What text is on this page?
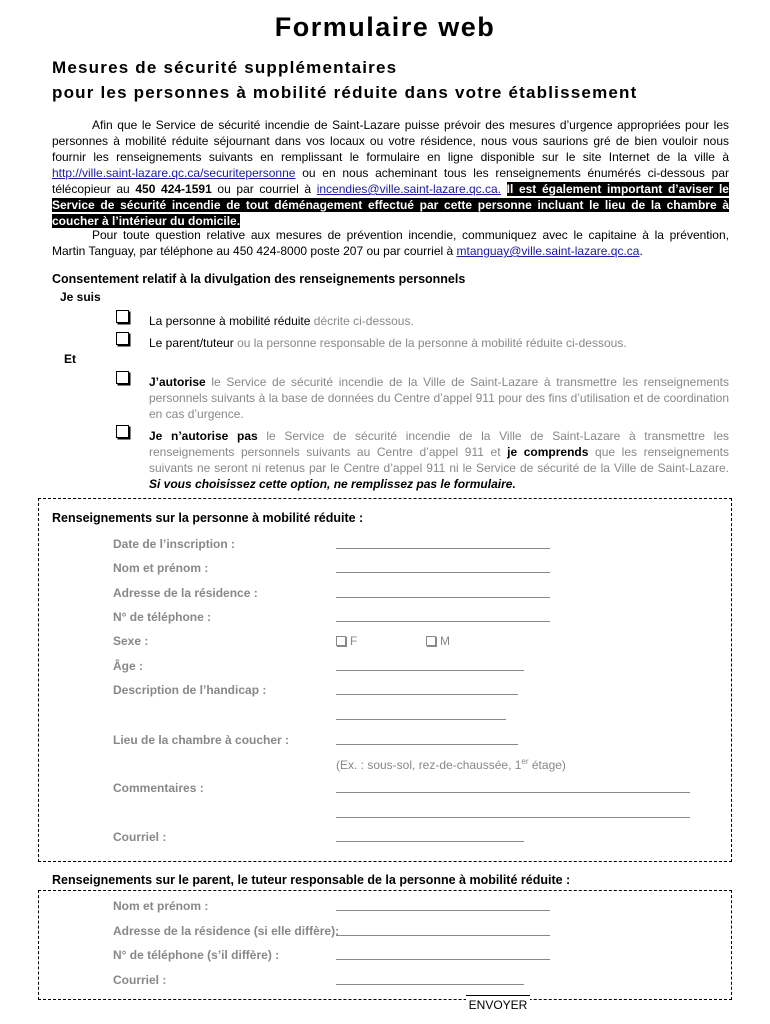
Formulaire web
Mesures de sécurité supplémentaires
pour les personnes à mobilité réduite dans votre établissement
Afin que le Service de sécurité incendie de Saint-Lazare puisse prévoir des mesures d’urgence appropriées pour les personnes à mobilité réduite séjournant dans vos locaux ou votre résidence, nous vous saurions gré de bien vouloir nous fournir les renseignements suivants en remplissant le formulaire en ligne disponible sur le site Internet de la ville à http://ville.saint-lazare.qc.ca/securitepersonne ou en nous acheminant tous les renseignements énumérés ci-dessous par télécopieur au 450 424-1591 ou par courriel à incendies@ville.saint-lazare.qc.ca. Il est également important d’aviser le Service de sécurité incendie de tout déménagement effectué par cette personne incluant le lieu de la chambre à coucher à l’intérieur du domicile.
Pour toute question relative aux mesures de prévention incendie, communiquez avec le capitaine à la prévention, Martin Tanguay, par téléphone au 450 424-8000 poste 207 ou par courriel à mtanguay@ville.saint-lazare.qc.ca.
Consentement relatif à la divulgation des renseignements personnels
Je suis
La personne à mobilité réduite décrite ci-dessous.
Le parent/tuteur ou la personne responsable de la personne à mobilité réduite ci-dessous.
Et
J’autorise le Service de sécurité incendie de la Ville de Saint-Lazare à transmettre les renseignements personnels suivants à la base de données du Centre d’appel 911 pour des fins d’utilisation et de coordination en cas d’urgence.
Je n’autorise pas le Service de sécurité incendie de la Ville de Saint-Lazare à transmettre les renseignements personnels suivants au Centre d’appel 911 et je comprends que les renseignements suivants ne seront ni retenus par le Centre d’appel 911 ni le Service de sécurité de la Ville de Saint-Lazare. Si vous choisissez cette option, ne remplissez pas le formulaire.
Renseignements sur la personne à mobilité réduite :
Date de l’inscription :
Nom et prénom :
Adresse de la résidence :
N° de téléphone :
Sexe :	F	M
Âge :
Description de l’handicap :
Lieu de la chambre à coucher :
(Ex. : sous-sol, rez-de-chaussée, 1er étage)
Commentaires :
Courriel :
Renseignements sur le parent, le tuteur responsable de la personne à mobilité réduite :
Nom et prénom :
Adresse de la résidence (si elle diffère):
N° de téléphone (s’il diffère) :
Courriel :
ENVOYER
